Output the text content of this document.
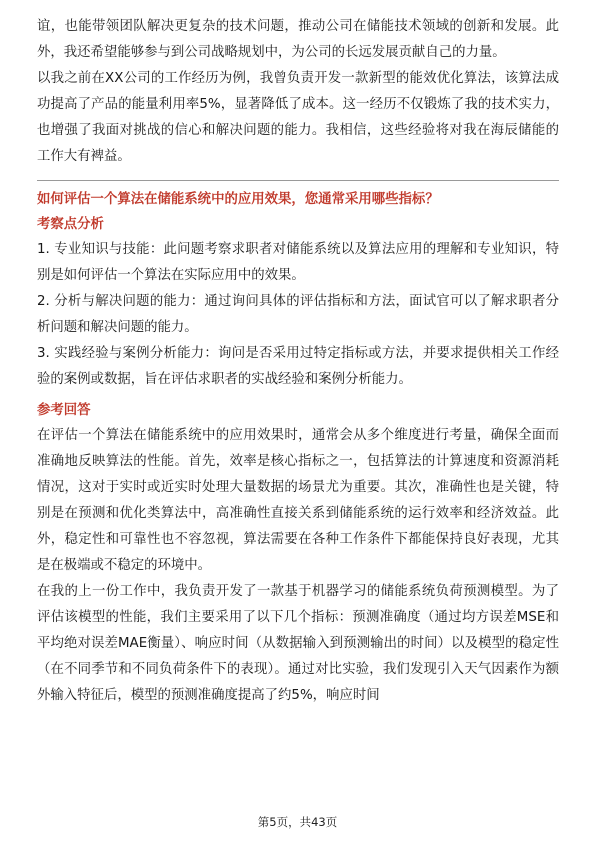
谊，也能带领团队解决更复杂的技术问题，推动公司在储能技术领域的创新和发展。此外，我还希望能够参与到公司战略规划中，为公司的长远发展贡献自己的力量。

以我之前在XX公司的工作经历为例，我曾负责开发一款新型的能效优化算法，该算法成功提高了产品的能量利用率5%，显著降低了成本。这一经历不仅锻炼了我的技术实力，也增强了我面对挑战的信心和解决问题的能力。我相信，这些经验将对我在海辰储能的工作大有裨益。

如何评估一个算法在储能系统中的应用效果，您通常采用哪些指标？

考察点分析

1. 专业知识与技能：此问题考察求职者对储能系统以及算法应用的理解和专业知识，特别是如何评估一个算法在实际应用中的效果。

2. 分析与解决问题的能力：通过询问具体的评估指标和方法，面试官可以了解求职者分析问题和解决问题的能力。

3. 实践经验与案例分析能力：询问是否采用过特定指标或方法，并要求提供相关工作经验的案例或数据，旨在评估求职者的实战经验和案例分析能力。

参考回答

在评估一个算法在储能系统中的应用效果时，通常会从多个维度进行考量，确保全面而准确地反映算法的性能。首先，效率是核心指标之一，包括算法的计算速度和资源消耗情况，这对于实时或近实时处理大量数据的场景尤为重要。其次，准确性也是关键，特别是在预测和优化类算法中，高准确性直接关系到储能系统的运行效率和经济效益。此外，稳定性和可靠性也不容忽视，算法需要在各种工作条件下都能保持良好表现，尤其是在极端或不稳定的环境中。

在我的上一份工作中，我负责开发了一款基于机器学习的储能系统负荷预测模型。为了评估该模型的性能，我们主要采用了以下几个指标：预测准确度（通过均方误差MSE和平均绝对误差MAE衡量）、响应时间（从数据输入到预测输出的时间）以及模型的稳定性（在不同季节和不同负荷条件下的表现）。通过对比实验，我们发现引入天气因素作为额外输入特征后，模型的预测准确度提高了约5%，响应时间

第5页，共43页
